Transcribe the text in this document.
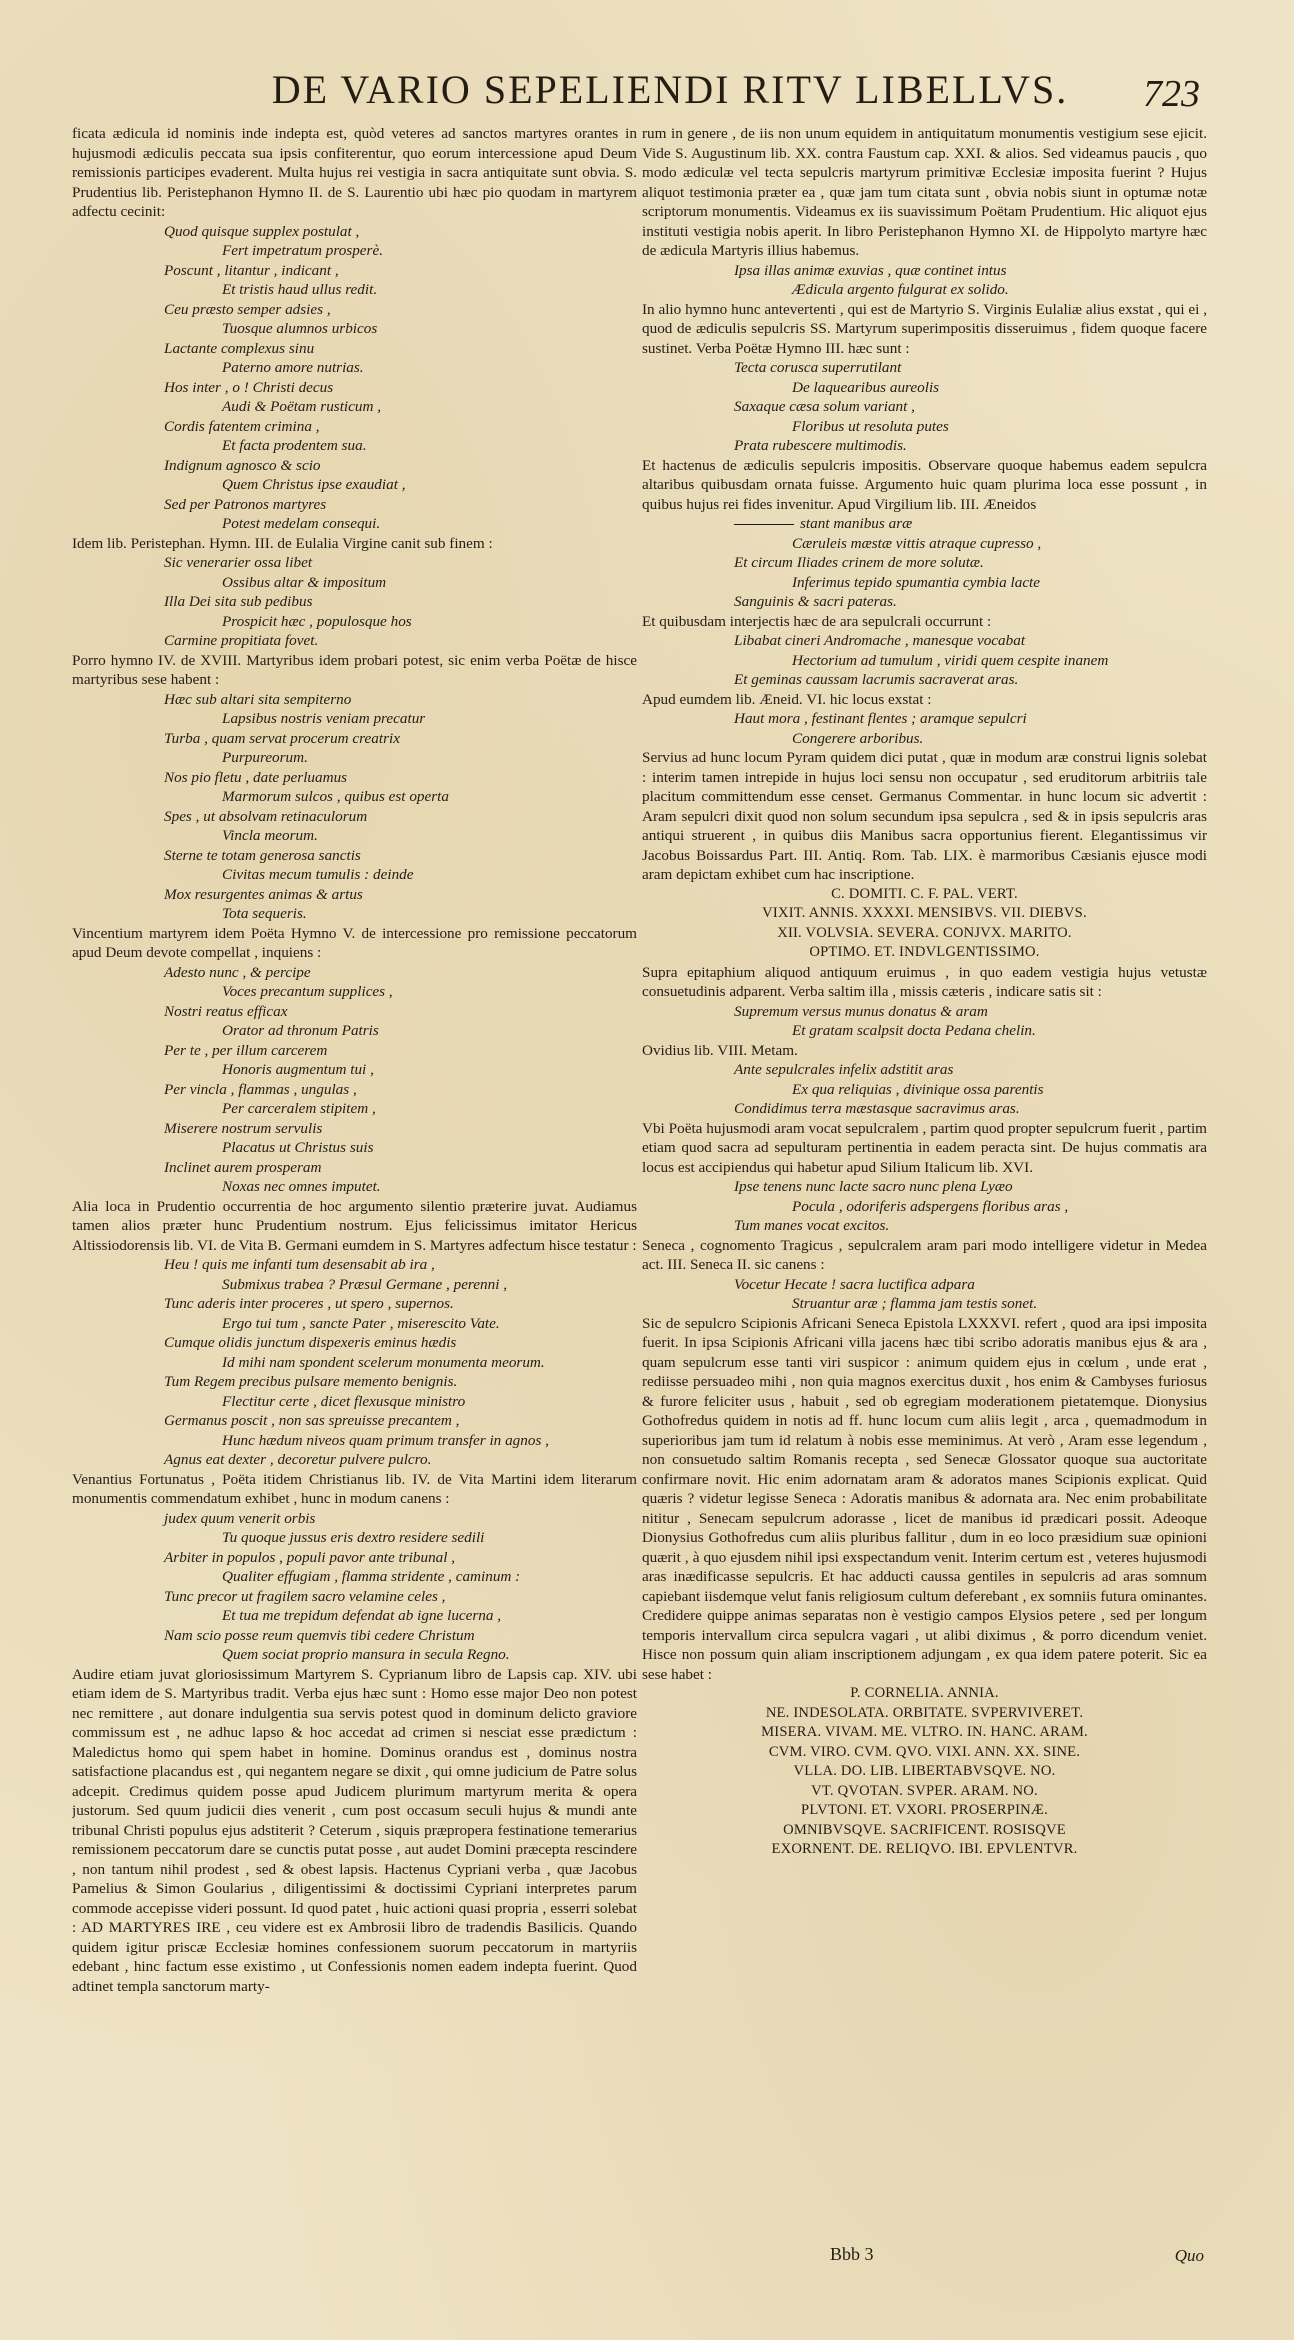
DE VARIO SEPELIENDI RITV LIBELLVS.	723

ficata ædicula id nominis inde indepta est, quòd veteres ad sanctos martyres orantes in hujusmodi ædiculis peccata sua ipsis confiterentur, quo eorum intercessione apud Deum remissionis participes evaderent. Multa hujus rei vestigia in sacra antiquitate sunt obvia. S. Prudentius lib. Peristephanon Hymno II. de S. Laurentio ubi hæc pio quodam in martyrem adfectu cecinit:

Quod quisque supplex postulat ,

Fert impetratum prosperè.

Poscunt , litantur , indicant ,

Et tristis haud ullus redit.

Ceu præsto semper adsies ,

Tuosque alumnos urbicos

Lactante complexus sinu

Paterno amore nutrias.

Hos inter , o ! Christi decus

Audi & Poëtam rusticum ,

Cordis fatentem crimina ,

Et facta prodentem sua.

Indignum agnosco & scio

Quem Christus ipse exaudiat ,

Sed per Patronos martyres

Potest medelam consequi.

Idem lib. Peristephan. Hymn. III. de Eulalia Virgine canit sub finem :

Sic venerarier ossa libet

Ossibus altar & impositum

Illa Dei sita sub pedibus

Prospicit hæc , populosque hos

Carmine propitiata fovet.

Porro hymno IV. de XVIII. Martyribus idem probari potest, sic enim verba Poëtæ de hisce martyribus sese habent :

Hæc sub altari sita sempiterno

Lapsibus nostris veniam precatur

Turba , quam servat procerum creatrix

Purpureorum.

Nos pio fletu , date perluamus

Marmorum sulcos , quibus est operta

Spes , ut absolvam retinaculorum

Vincla meorum.

Sterne te totam generosa sanctis

Civitas mecum tumulis : deinde

Mox resurgentes animas & artus

Tota sequeris.

Vincentium martyrem idem Poëta Hymno V. de intercessione pro remissione peccatorum apud Deum devote compellat , inquiens :

Adesto nunc , & percipe

Voces precantum supplices ,

Nostri reatus efficax

Orator ad thronum Patris

Per te , per illum carcerem

Honoris augmentum tui ,

Per vincla , flammas , ungulas ,

Per carceralem stipitem ,

Miserere nostrum servulis

Placatus ut Christus suis

Inclinet aurem prosperam

Noxas nec omnes imputet.

Alia loca in Prudentio occurrentia de hoc argumento silentio præterire juvat. Audiamus tamen alios præter hunc Prudentium nostrum. Ejus felicissimus imitator Hericus Altissiodorensis lib. VI. de Vita B. Germani eumdem in S. Martyres adfectum hisce testatur :

Heu ! quis me infanti tum desensabit ab ira ,

Submixus trabea ? Præsul Germane , perenni ,

Tunc aderis inter proceres , ut spero , supernos.

Ergo tui tum , sancte Pater , miserescito Vate.

Cumque olidis junctum dispexeris eminus hædis

Id mihi nam spondent scelerum monumenta meorum.

Tum Regem precibus pulsare memento benignis.

Flectitur certe , dicet flexusque ministro

Germanus poscit , non sas spreuisse precantem ,

Hunc hædum niveos quam primum transfer in agnos ,

Agnus eat dexter , decoretur pulvere pulcro.

Venantius Fortunatus , Poëta itidem Christianus lib. IV. de Vita Martini idem literarum monumentis commendatum exhibet , hunc in modum canens :

judex quum venerit orbis

Tu quoque jussus eris dextro residere sedili

Arbiter in populos , populi pavor ante tribunal ,

Qualiter effugiam , flamma stridente , caminum :

Tunc precor ut fragilem sacro velamine celes ,

Et tua me trepidum defendat ab igne lucerna ,

Nam scio posse reum quemvis tibi cedere Christum

Quem sociat proprio mansura in secula Regno.

Audire etiam juvat gloriosissimum Martyrem S. Cyprianum libro de Lapsis cap. XIV. ubi etiam idem de S. Martyribus tradit. Verba ejus hæc sunt : Homo esse major Deo non potest nec remittere , aut donare indulgentia sua servis potest quod in dominum delicto graviore commissum est , ne adhuc lapso & hoc accedat ad crimen si nesciat esse prædictum : Maledictus homo qui spem habet in homine. Dominus orandus est , dominus nostra satisfactione placandus est , qui negantem negare se dixit , qui omne judicium de Patre solus adcepit. Credimus quidem posse apud Judicem plurimum martyrum merita & opera justorum. Sed quum judicii dies venerit , cum post occasum seculi hujus & mundi ante tribunal Christi populus ejus adstiterit ? Ceterum , siquis præpropera festinatione temerarius remissionem peccatorum dare se cunctis putat posse , aut audet Domini præcepta rescindere , non tantum nihil prodest , sed & obest lapsis. Hactenus Cypriani verba , quæ Jacobus Pamelius & Simon Goularius , diligentissimi & doctissimi Cypriani interpretes parum commode accepisse videri possunt. Id quod patet , huic actioni quasi propria , esserri solebat : AD MARTYRES IRE , ceu videre est ex Ambrosii libro de tradendis Basilicis. Quando quidem igitur priscæ Ecclesiæ homines confessionem suorum peccatorum in martyriis edebant , hinc factum esse existimo , ut Confessionis nomen eadem indepta fuerint. Quod adtinet templa sanctorum marty-

rum in genere , de iis non unum equidem in antiquitatum monumentis vestigium sese ejicit. Vide S. Augustinum lib. XX. contra Faustum cap. XXI. & alios. Sed videamus paucis , quo modo ædiculæ vel tecta sepulcris martyrum primitivæ Ecclesiæ imposita fuerint ? Hujus aliquot testimonia præter ea , quæ jam tum citata sunt , obvia nobis siunt in optumæ notæ scriptorum monumentis. Videamus ex iis suavissimum Poëtam Prudentium. Hic aliquot ejus instituti vestigia nobis aperit. In libro Peristephanon Hymno XI. de Hippolyto martyre hæc de ædicula Martyris illius habemus.

Ipsa illas animæ exuvias , quæ continet intus

Ædicula argento fulgurat ex solido.

In alio hymno hunc antevertenti , qui est de Martyrio S. Virginis Eulaliæ alius exstat , qui ei , quod de ædiculis sepulcris SS. Martyrum superimpositis disseruimus , fidem quoque facere sustinet. Verba Poëtæ Hymno III. hæc sunt :

Tecta corusca superrutilant

De laquearibus aureolis

Saxaque cæsa solum variant ,

Floribus ut resoluta putes

Prata rubescere multimodis.

Et hactenus de ædiculis sepulcris impositis. Observare quoque habemus eadem sepulcra altaribus quibusdam ornata fuisse. Argumento huic quam plurima loca esse possunt , in quibus hujus rei fides invenitur. Apud Virgilium lib. III. Æneidos

stant manibus aræ

Cæruleis mæstæ vittis atraque cupresso ,

Et circum Iliades crinem de more solutæ.

Inferimus tepido spumantia cymbia lacte

Sanguinis & sacri pateras.

Et quibusdam interjectis hæc de ara sepulcrali occurrunt :

Libabat cineri Andromache , manesque vocabat

Hectorium ad tumulum , viridi quem cespite inanem

Et geminas caussam lacrumis sacraverat aras.

Apud eumdem lib. Æneid. VI. hic locus exstat :

Haut mora , festinant flentes ; aramque sepulcri

Congerere arboribus.

Servius ad hunc locum Pyram quidem dici putat , quæ in modum aræ construi lignis solebat : interim tamen intrepide in hujus loci sensu non occupatur , sed eruditorum arbitriis tale placitum committendum esse censet. Germanus Commentar. in hunc locum sic advertit : Aram sepulcri dixit quod non solum secundum ipsa sepulcra , sed & in ipsis sepulcris aras antiqui struerent , in quibus diis Manibus sacra opportunius fierent. Elegantissimus vir Jacobus Boissardus Part. III. Antiq. Rom. Tab. LIX. è marmoribus Cæsianis ejusce modi aram depictam exhibet cum hac inscriptione.

C. DOMITI. C. F. PAL. VERT.

VIXIT. ANNIS. XXXXI. MENSIBVS. VII. DIEBVS.

XII. VOLVSIA. SEVERA. CONJVX. MARITO.

OPTIMO. ET. INDVLGENTISSIMO.

Supra epitaphium aliquod antiquum eruimus , in quo eadem vestigia hujus vetustæ consuetudinis adparent. Verba saltim illa , missis cæteris , indicare satis sit :

Supremum versus munus donatus & aram

Et gratam scalpsit docta Pedana chelin.

Ovidius lib. VIII. Metam.

Ante sepulcrales infelix adstitit aras

Ex qua reliquias , divinique ossa parentis

Condidimus terra mæstasque sacravimus aras.

Vbi Poëta hujusmodi aram vocat sepulcralem , partim quod propter sepulcrum fuerit , partim etiam quod sacra ad sepulturam pertinentia in eadem peracta sint. De hujus commatis ara locus est accipiendus qui habetur apud Silium Italicum lib. XVI.

Ipse tenens nunc lacte sacro nunc plena Lyæo

Pocula , odoriferis adspergens floribus aras ,

Tum manes vocat excitos.

Seneca , cognomento Tragicus , sepulcralem aram pari modo intelligere videtur in Medea act. III. Seneca II. sic canens :

Vocetur Hecate ! sacra luctifica adpara

Struantur aræ ; flamma jam testis sonet.

Sic de sepulcro Scipionis Africani Seneca Epistola LXXXVI. refert , quod ara ipsi imposita fuerit. In ipsa Scipionis Africani villa jacens hæc tibi scribo adoratis manibus ejus & ara , quam sepulcrum esse tanti viri suspicor : animum quidem ejus in cœlum , unde erat , rediisse persuadeo mihi , non quia magnos exercitus duxit , hos enim & Cambyses furiosus & furore feliciter usus , habuit , sed ob egregiam moderationem pietatemque. Dionysius Gothofredus quidem in notis ad ff. hunc locum cum aliis legit , arca , quemadmodum in superioribus jam tum id relatum à nobis esse meminimus. At verò , Aram esse legendum , non consuetudo saltim Romanis recepta , sed Senecæ Glossator quoque sua auctoritate confirmare novit. Hic enim adornatam aram & adoratos manes Scipionis explicat. Quid quæris ? videtur legisse Seneca : Adoratis manibus & adornata ara. Nec enim probabilitate nititur , Senecam sepulcrum adorasse , licet de manibus id prædicari possit. Adeoque Dionysius Gothofredus cum aliis pluribus fallitur , dum in eo loco præsidium suæ opinioni quærit , à quo ejusdem nihil ipsi exspectandum venit. Interim certum est , veteres hujusmodi aras inædificasse sepulcris. Et hac adducti caussa gentiles in sepulcris ad aras somnum capiebant iisdemque velut fanis religiosum cultum deferebant , ex somniis futura ominantes. Credidere quippe animas separatas non è vestigio campos Elysios petere , sed per longum temporis intervallum circa sepulcra vagari , ut alibi diximus , & porro dicendum veniet. Hisce non possum quin aliam inscriptionem adjungam , ex qua idem patere poterit. Sic ea sese habet :

P. CORNELIA. ANNIA.

NE. INDESOLATA. ORBITATE. SVPERVIVERET.

MISERA. VIVAM. ME. VLTRO. IN. HANC. ARAM.

CVM. VIRO. CVM. QVO. VIXI. ANN. XX. SINE.

VLLA. DO. LIB. LIBERTABVSQVE. NO.

VT. QVOTAN. SVPER. ARAM. NO.

PLVTONI. ET. VXORI. PROSERPINÆ.

OMNIBVSQVE. SACRIFICENT. ROSISQVE

EXORNENT. DE. RELIQVO. IBI. EPVLENTVR.

Bbb 3	Quo
